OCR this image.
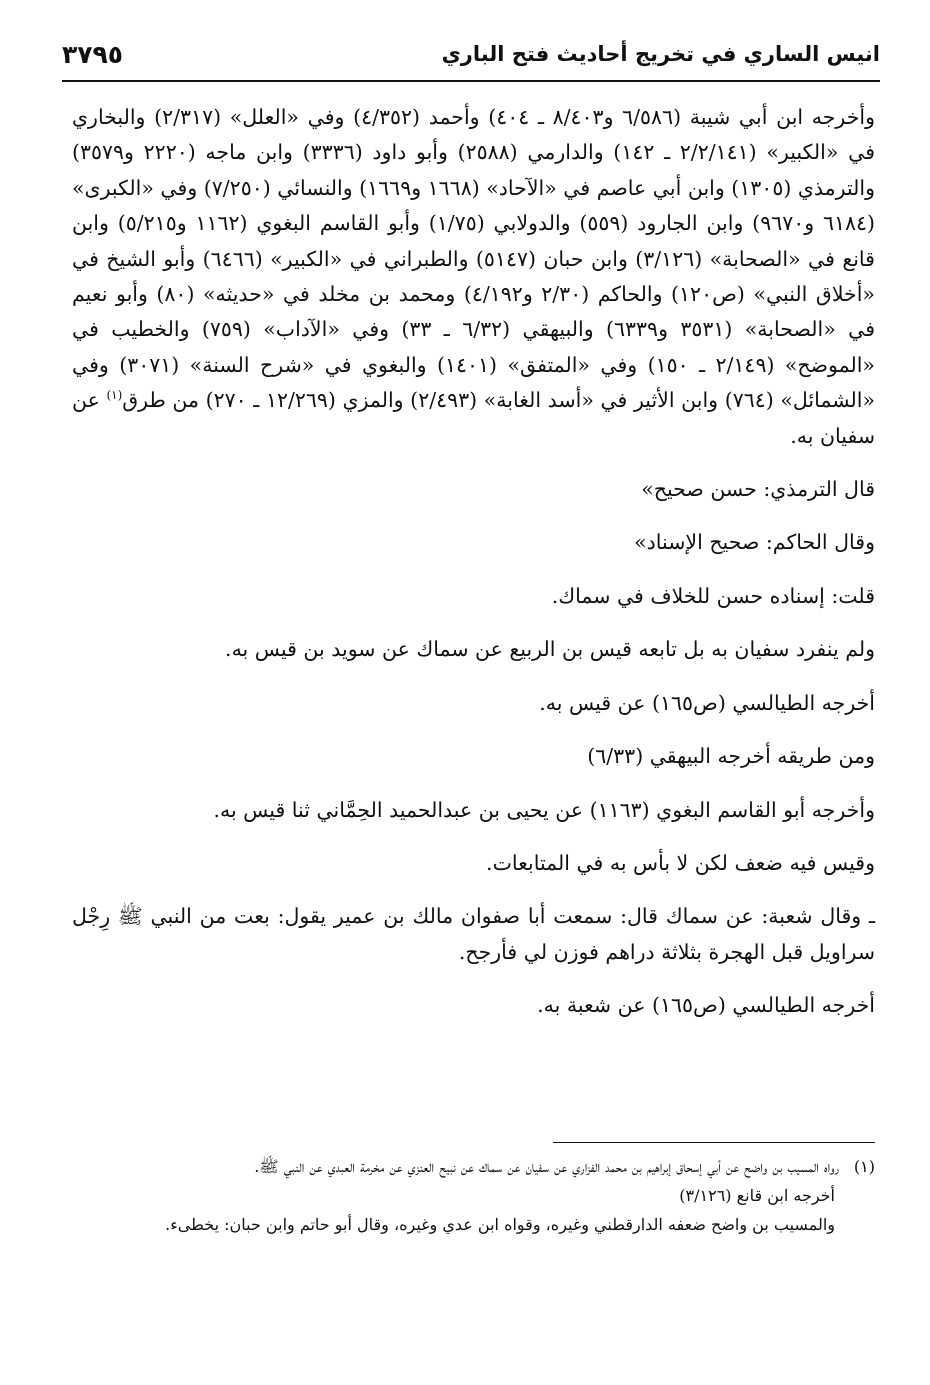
انيس الساري في تخريج أحاديث فتح الباري
٣٧٩٥

وأخرجه ابن أبي شيبة (٦/٥٨٦ و٨/٤٠٣ ـ ٤٠٤) وأحمد (٤/٣٥٢) وفي «العلل» (٢/٣١٧) والبخاري في «الكبير» (٢/٢/١٤١ ـ ١٤٢) والدارمي (٢٥٨٨) وأبو داود (٣٣٣٦) وابن ماجه (٢٢٢٠ و٣٥٧٩) والترمذي (١٣٠٥) وابن أبي عاصم في «الآحاد» (١٦٦٨ و١٦٦٩) والنسائي (٧/٢٥٠) وفي «الكبرى» (٦١٨٤ و٩٦٧٠) وابن الجارود (٥٥٩) والدولابي (١/٧٥) وأبو القاسم البغوي (١١٦٢ و٥/٢١٥) وابن قانع في «الصحابة» (٣/١٢٦) وابن حبان (٥١٤٧) والطبراني في «الكبير» (٦٤٦٦) وأبو الشيخ في «أخلاق النبي» (ص١٢٠) والحاكم (٢/٣٠ و٤/١٩٢) ومحمد بن مخلد في «حديثه» (٨٠) وأبو نعيم في «الصحابة» (٣٥٣١ و٦٣٣٩) والبيهقي (٦/٣٢ ـ ٣٣) وفي «الآداب» (٧٥٩) والخطيب في «الموضح» (٢/١٤٩ ـ ١٥٠) وفي «المتفق» (١٤٠١) والبغوي في «شرح السنة» (٣٠٧١) وفي «الشمائل» (٧٦٤) وابن الأثير في «أسد الغابة» (٢/٤٩٣) والمزي (١٢/٢٦٩ ـ ٢٧٠) من طرق$^{(١)}$ عن سفيان به.

قال الترمذي: حسن صحيح»

وقال الحاكم: صحيح الإسناد»

قلت: إسناده حسن للخلاف في سماك.

ولم ينفرد سفيان به بل تابعه قيس بن الربيع عن سماك عن سويد بن قيس به.

أخرجه الطيالسي (ص١٦٥) عن قيس به.

ومن طريقه أخرجه البيهقي (٦/٣٣)

وأخرجه أبو القاسم البغوي (١١٦٣) عن يحيى بن عبدالحميد الحِمَّاني ثنا قيس به.

وقيس فيه ضعف لكن لا بأس به في المتابعات.

ـ وقال شعبة: عن سماك قال: سمعت أبا صفوان مالك بن عمير يقول: بعت من النبي ﷺ رِجْل سراويل قبل الهجرة بثلاثة دراهم فوزن لي فأرجح.

أخرجه الطيالسي (ص١٦٥) عن شعبة به.

(١)رواه المسيب بن واضح عن أبي إسحاق إبراهيم بن محمد الفزاري عن سفيان عن سماك عن نبيح العنزي عن مخرمة العبدي عن النبي ﷺ.

أخرجه ابن قانع (٣/١٢٦)

والمسيب بن واضح ضعفه الدارقطني وغيره، وقواه ابن عدي وغيره، وقال أبو حاتم وابن حبان: يخطىء.
